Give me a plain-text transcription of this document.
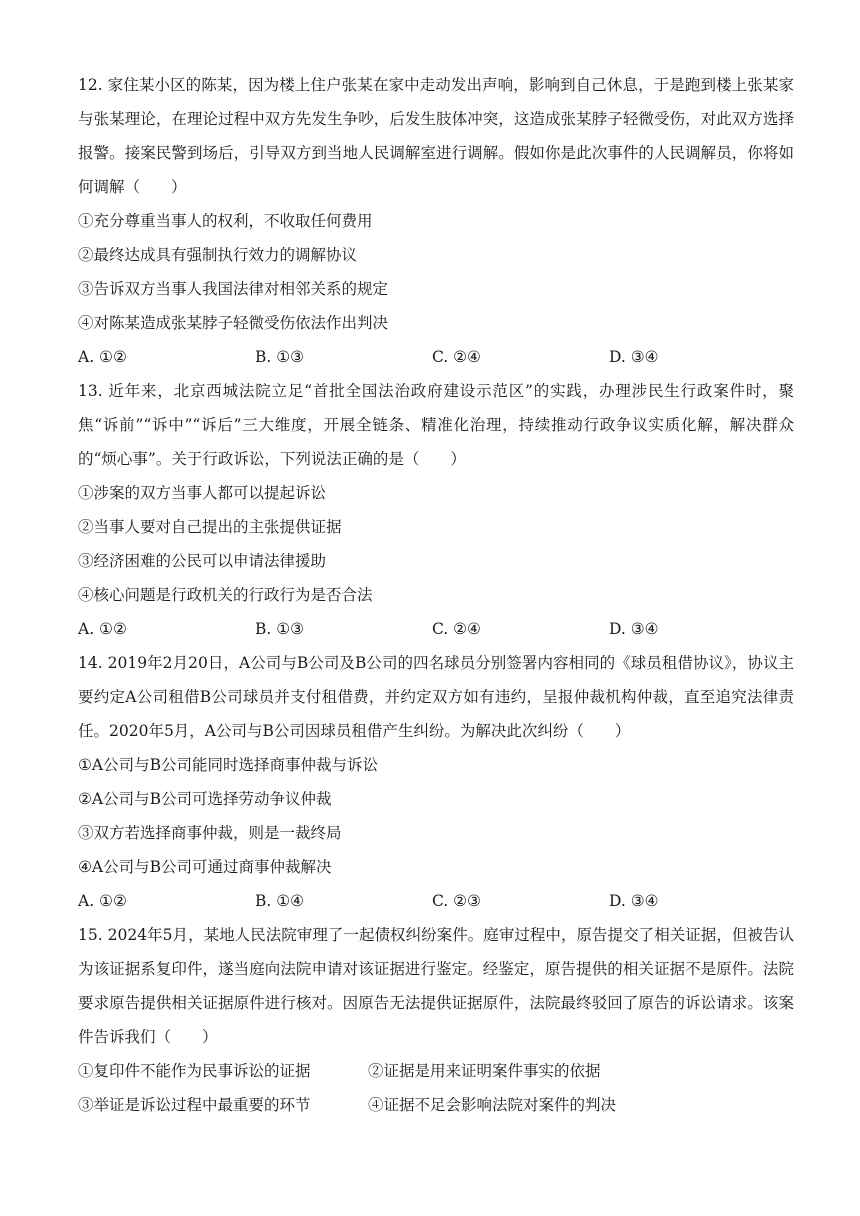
12. 家住某小区的陈某，因为楼上住户张某在家中走动发出声响，影响到自己休息，于是跑到楼上张某家与张某理论，在理论过程中双方先发生争吵，后发生肢体冲突，这造成张某脖子轻微受伤，对此双方选择报警。接案民警到场后，引导双方到当地人民调解室进行调解。假如你是此次事件的人民调解员，你将如何调解（　　）

①充分尊重当事人的权利，不收取任何费用

②最终达成具有强制执行效力的调解协议

③告诉双方当事人我国法律对相邻关系的规定

④对陈某造成张某脖子轻微受伤依法作出判决

A. ①②	B. ①③	C. ②④	D. ③④

13. 近年来，北京西城法院立足“首批全国法治政府建设示范区”的实践，办理涉民生行政案件时，聚焦“诉前”“诉中”“诉后”三大维度，开展全链条、精准化治理，持续推动行政争议实质化解，解决群众的“烦心事”。关于行政诉讼，下列说法正确的是（　　）

①涉案的双方当事人都可以提起诉讼

②当事人要对自己提出的主张提供证据

③经济困难的公民可以申请法律援助

④核心问题是行政机关的行政行为是否合法

A. ①②	B. ①③	C. ②④	D. ③④

14. 2019年2月20日，A公司与B公司及B公司的四名球员分别签署内容相同的《球员租借协议》，协议主要约定A公司租借B公司球员并支付租借费，并约定双方如有违约，呈报仲裁机构仲裁，直至追究法律责任。2020年5月，A公司与B公司因球员租借产生纠纷。为解决此次纠纷（　　）

①A公司与B公司能同时选择商事仲裁与诉讼

②A公司与B公司可选择劳动争议仲裁

③双方若选择商事仲裁，则是一裁终局

④A公司与B公司可通过商事仲裁解决

A. ①②	B. ①④	C. ②③	D. ③④

15. 2024年5月，某地人民法院审理了一起债权纠纷案件。庭审过程中，原告提交了相关证据，但被告认为该证据系复印件，遂当庭向法院申请对该证据进行鉴定。经鉴定，原告提供的相关证据不是原件。法院要求原告提供相关证据原件进行核对。因原告无法提供证据原件，法院最终驳回了原告的诉讼请求。该案件告诉我们（　　）

①复印件不能作为民事诉讼的证据	②证据是用来证明案件事实的依据
③举证是诉讼过程中最重要的环节	④证据不足会影响法院对案件的判决
